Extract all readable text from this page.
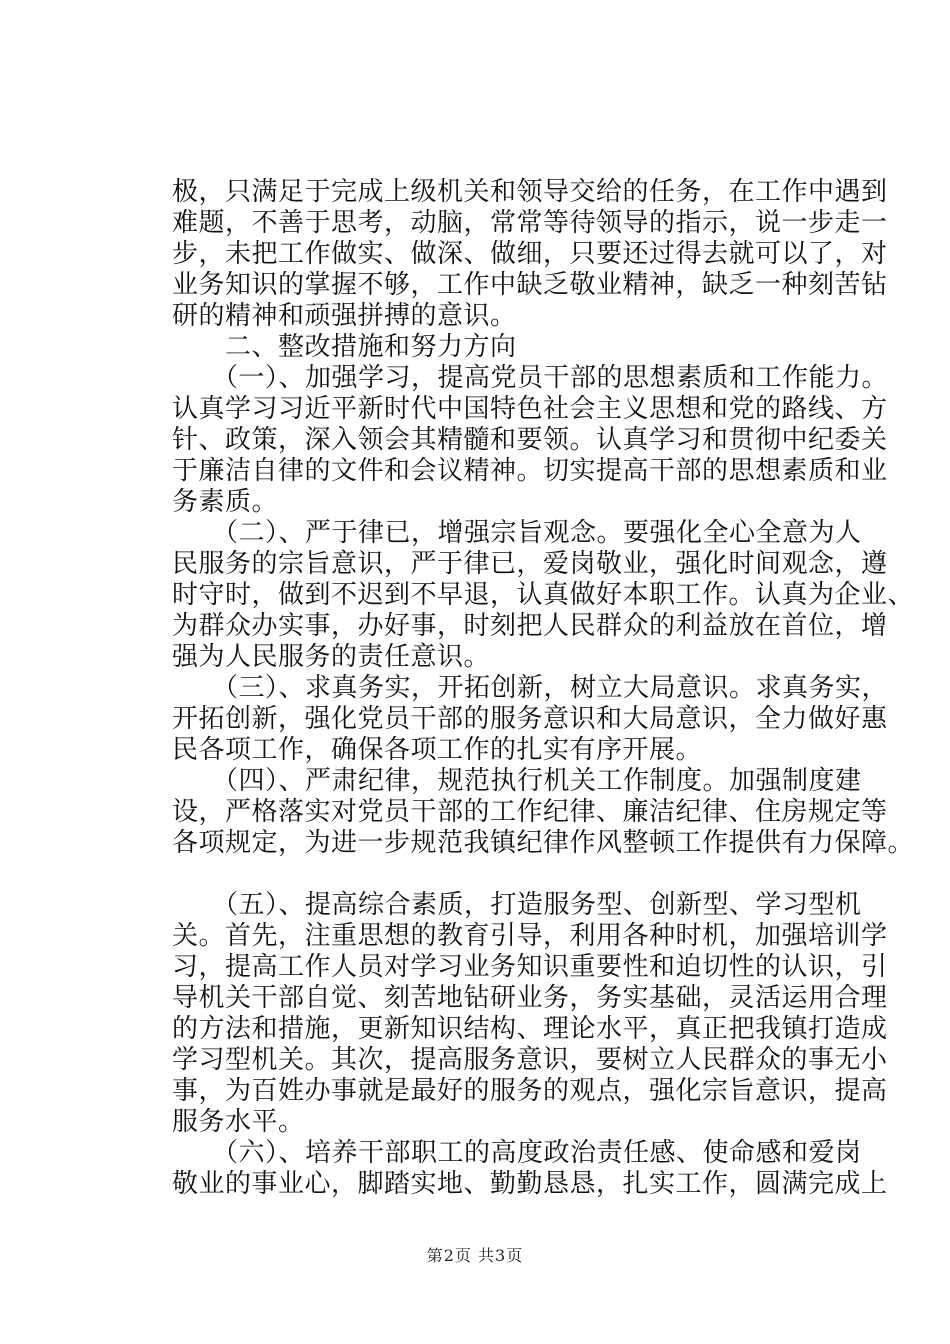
极，只满足于完成上级机关和领导交给的任务，在工作中遇到
难题，不善于思考，动脑，常常等待领导的指示，说一步走一
步，未把工作做实、做深、做细，只要还过得去就可以了，对
业务知识的掌握不够，工作中缺乏敬业精神，缺乏一种刻苦钻
研的精神和顽强拼搏的意识。
　　二、整改措施和努力方向
　　（一）、加强学习，提高党员干部的思想素质和工作能力。
认真学习习近平新时代中国特色社会主义思想和党的路线、方
针、政策，深入领会其精髓和要领。认真学习和贯彻中纪委关
于廉洁自律的文件和会议精神。切实提高干部的思想素质和业
务素质。
　　（二）、严于律已，增强宗旨观念。要强化全心全意为人
民服务的宗旨意识，严于律已，爱岗敬业，强化时间观念，遵
时守时，做到不迟到不早退，认真做好本职工作。认真为企业、
为群众办实事，办好事，时刻把人民群众的利益放在首位，增
强为人民服务的责任意识。
　　（三）、求真务实，开拓创新，树立大局意识。求真务实，
开拓创新，强化党员干部的服务意识和大局意识，全力做好惠
民各项工作，确保各项工作的扎实有序开展。
　　（四）、严肃纪律，规范执行机关工作制度。加强制度建
设，严格落实对党员干部的工作纪律、廉洁纪律、住房规定等
各项规定，为进一步规范我镇纪律作风整顿工作提供有力保障。
　　（五）、提高综合素质，打造服务型、创新型、学习型机
关。首先，注重思想的教育引导，利用各种时机，加强培训学
习，提高工作人员对学习业务知识重要性和迫切性的认识，引
导机关干部自觉、刻苦地钻研业务，务实基础，灵活运用合理
的方法和措施，更新知识结构、理论水平，真正把我镇打造成
学习型机关。其次，提高服务意识，要树立人民群众的事无小
事，为百姓办事就是最好的服务的观点，强化宗旨意识，提高
服务水平。
　　（六）、培养干部职工的高度政治责任感、使命感和爱岗
敬业的事业心，脚踏实地、勤勤恳恳，扎实工作，圆满完成上
第2页 共3页
